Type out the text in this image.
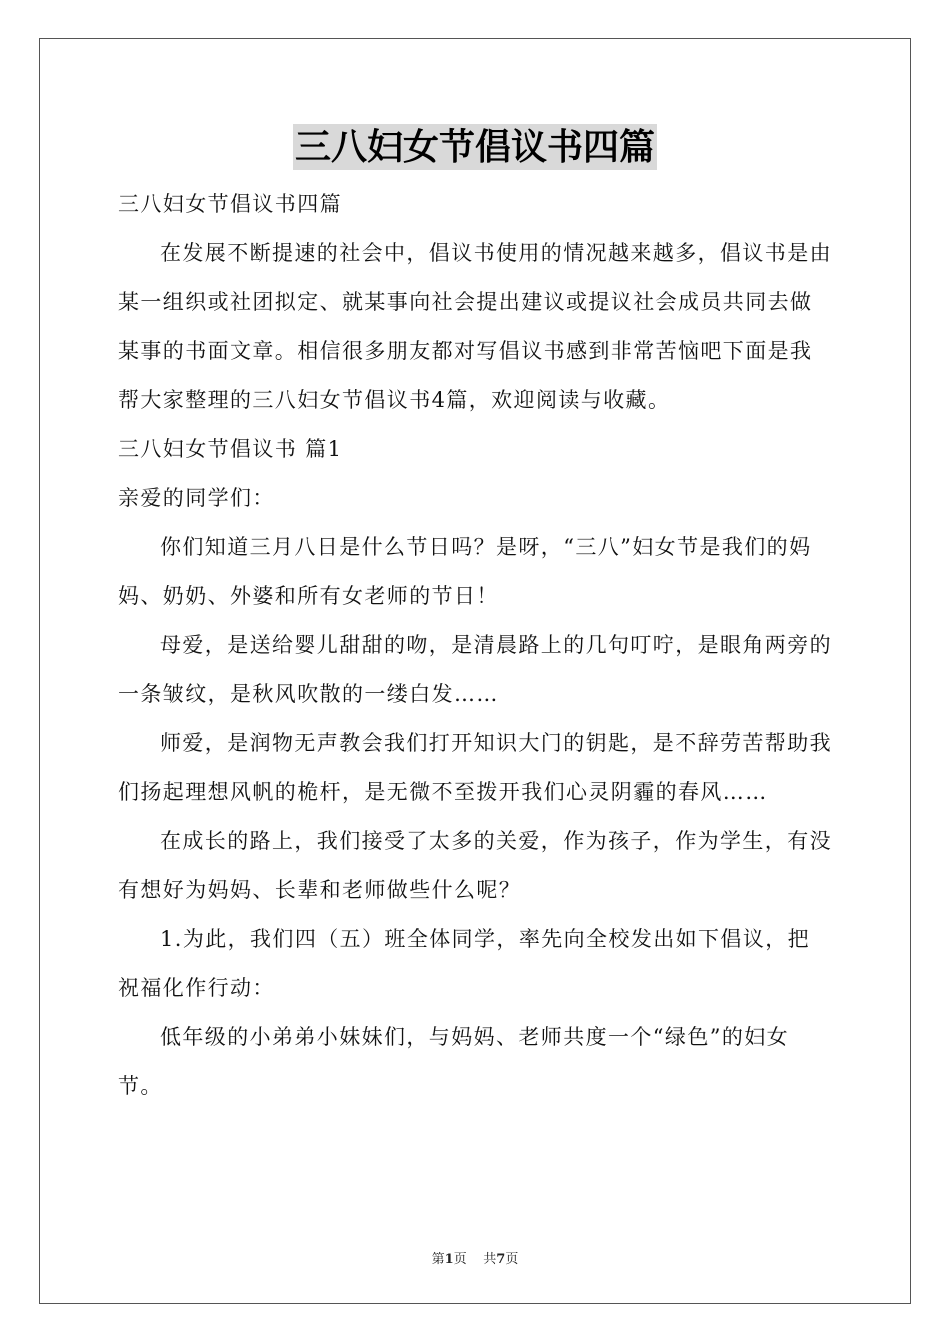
三八妇女节倡议书四篇

三八妇女节倡议书四篇

在发展不断提速的社会中，倡议书使用的情况越来越多，倡议书是由某一组织或社团拟定、就某事向社会提出建议或提议社会成员共同去做某事的书面文章。相信很多朋友都对写倡议书感到非常苦恼吧下面是我帮大家整理的三八妇女节倡议书4篇，欢迎阅读与收藏。

三八妇女节倡议书 篇1

亲爱的同学们：

你们知道三月八日是什么节日吗？是呀，“三八”妇女节是我们的妈妈、奶奶、外婆和所有女老师的节日！

母爱，是送给婴儿甜甜的吻，是清晨路上的几句叮咛，是眼角两旁的一条皱纹，是秋风吹散的一缕白发……

师爱，是润物无声教会我们打开知识大门的钥匙，是不辞劳苦帮助我们扬起理想风帆的桅杆，是无微不至拨开我们心灵阴霾的春风……

在成长的路上，我们接受了太多的关爱，作为孩子，作为学生，有没有想好为妈妈、长辈和老师做些什么呢？

1.为此，我们四（五）班全体同学，率先向全校发出如下倡议，把祝福化作行动：

低年级的小弟弟小妹妹们，与妈妈、老师共度一个“绿色”的妇女节。

第1页 共7页
